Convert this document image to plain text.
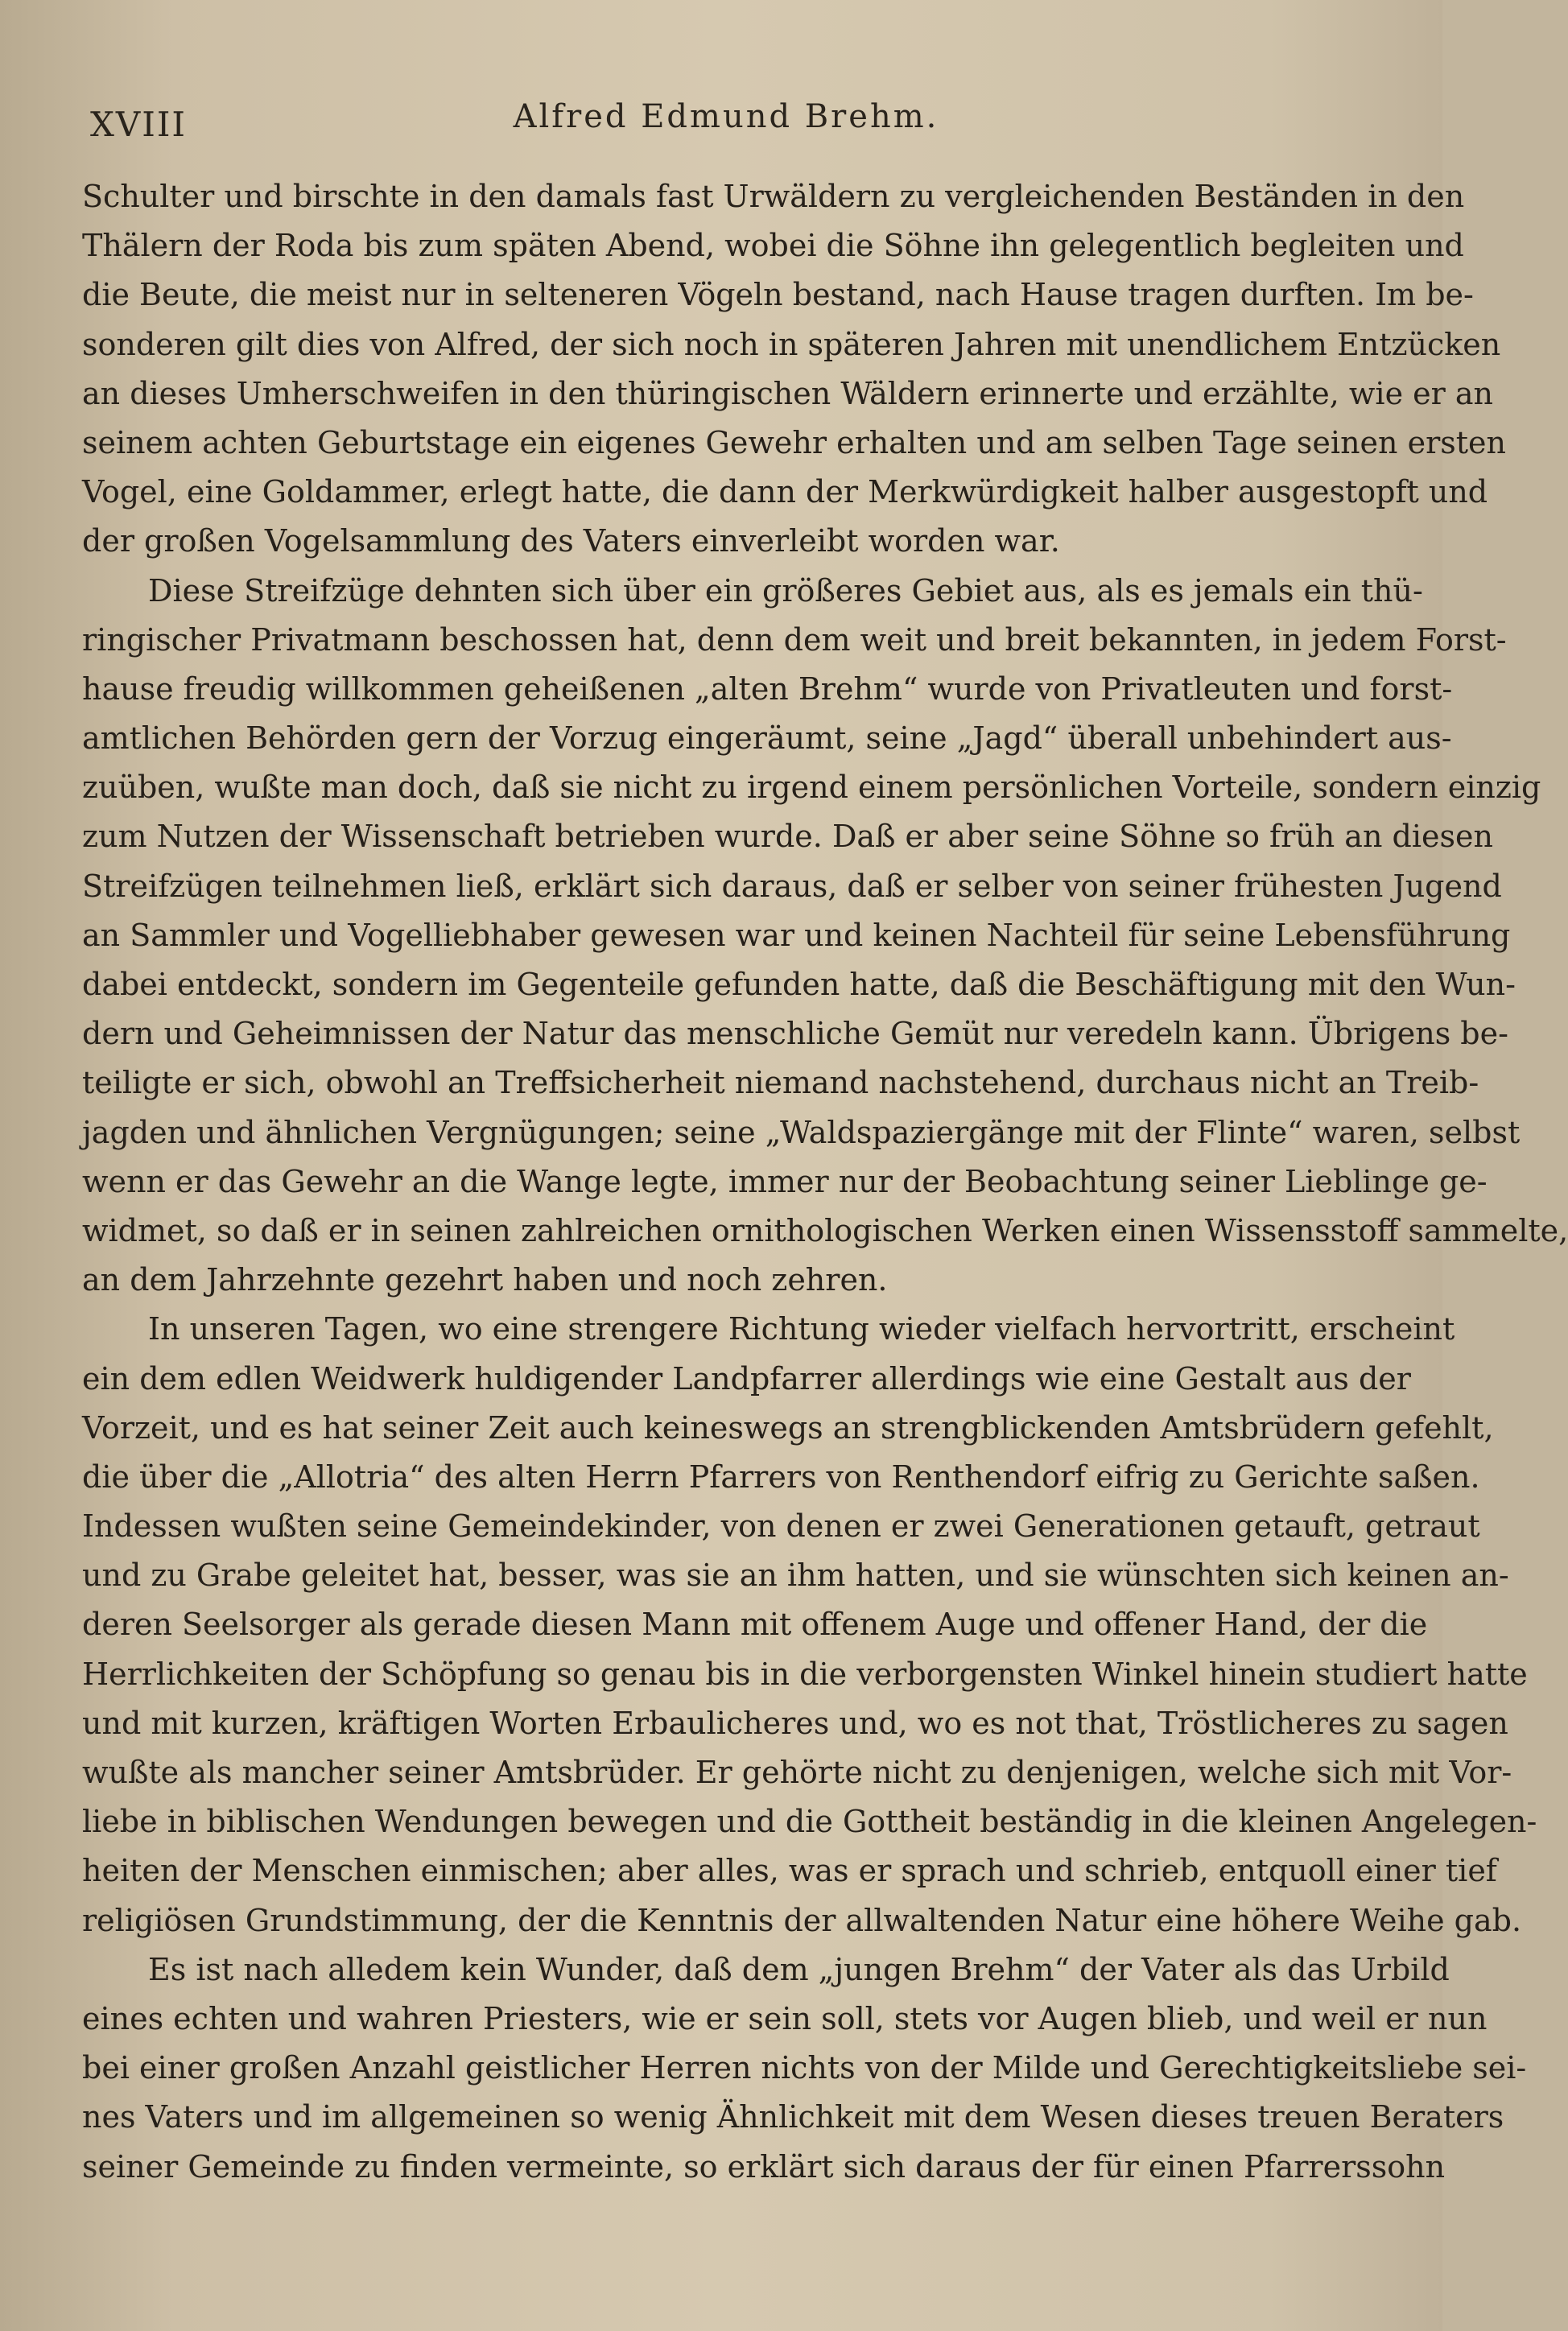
XVIII	Alfred Edmund Brehm.
Schulter und birschte in den damals fast Urwäldern zu vergleichenden Beständen in den
Thälern der Roda bis zum späten Abend, wobei die Söhne ihn gelegentlich begleiten und
die Beute, die meist nur in selteneren Vögeln bestand, nach Hause tragen durften. Im be-
sonderen gilt dies von Alfred, der sich noch in späteren Jahren mit unendlichem Entzücken
an dieses Umherschweifen in den thüringischen Wäldern erinnerte und erzählte, wie er an
seinem achten Geburtstage ein eigenes Gewehr erhalten und am selben Tage seinen ersten
Vogel, eine Goldammer, erlegt hatte, die dann der Merkwürdigkeit halber ausgestopft und
der großen Vogelsammlung des Vaters einverleibt worden war.
Diese Streifzüge dehnten sich über ein größeres Gebiet aus, als es jemals ein thü-
ringischer Privatmann beschossen hat, denn dem weit und breit bekannten, in jedem Forst-
hause freudig willkommen geheißenen „alten Brehm“ wurde von Privatleuten und forst-
amtlichen Behörden gern der Vorzug eingeräumt, seine „Jagd“ überall unbehindert aus-
zuüben, wußte man doch, daß sie nicht zu irgend einem persönlichen Vorteile, sondern einzig
zum Nutzen der Wissenschaft betrieben wurde. Daß er aber seine Söhne so früh an diesen
Streifzügen teilnehmen ließ, erklärt sich daraus, daß er selber von seiner frühesten Jugend
an Sammler und Vogelliebhaber gewesen war und keinen Nachteil für seine Lebensführung
dabei entdeckt, sondern im Gegenteile gefunden hatte, daß die Beschäftigung mit den Wun-
dern und Geheimnissen der Natur das menschliche Gemüt nur veredeln kann. Übrigens be-
teiligte er sich, obwohl an Treffsicherheit niemand nachstehend, durchaus nicht an Treib-
jagden und ähnlichen Vergnügungen; seine „Waldspaziergänge mit der Flinte“ waren, selbst
wenn er das Gewehr an die Wange legte, immer nur der Beobachtung seiner Lieblinge ge-
widmet, so daß er in seinen zahlreichen ornithologischen Werken einen Wissensstoff sammelte,
an dem Jahrzehnte gezehrt haben und noch zehren.
In unseren Tagen, wo eine strengere Richtung wieder vielfach hervortritt, erscheint
ein dem edlen Weidwerk huldigender Landpfarrer allerdings wie eine Gestalt aus der
Vorzeit, und es hat seiner Zeit auch keineswegs an strengblickenden Amtsbrüdern gefehlt,
die über die „Allotria“ des alten Herrn Pfarrers von Renthendorf eifrig zu Gerichte saßen.
Indessen wußten seine Gemeindekinder, von denen er zwei Generationen getauft, getraut
und zu Grabe geleitet hat, besser, was sie an ihm hatten, und sie wünschten sich keinen an-
deren Seelsorger als gerade diesen Mann mit offenem Auge und offener Hand, der die
Herrlichkeiten der Schöpfung so genau bis in die verborgensten Winkel hinein studiert hatte
und mit kurzen, kräftigen Worten Erbaulicheres und, wo es not that, Tröstlicheres zu sagen
wußte als mancher seiner Amtsbrüder. Er gehörte nicht zu denjenigen, welche sich mit Vor-
liebe in biblischen Wendungen bewegen und die Gottheit beständig in die kleinen Angelegen-
heiten der Menschen einmischen; aber alles, was er sprach und schrieb, entquoll einer tief
religiösen Grundstimmung, der die Kenntnis der allwaltenden Natur eine höhere Weihe gab.
Es ist nach alledem kein Wunder, daß dem „jungen Brehm“ der Vater als das Urbild
eines echten und wahren Priesters, wie er sein soll, stets vor Augen blieb, und weil er nun
bei einer großen Anzahl geistlicher Herren nichts von der Milde und Gerechtigkeitsliebe sei-
nes Vaters und im allgemeinen so wenig Ähnlichkeit mit dem Wesen dieses treuen Beraters
seiner Gemeinde zu finden vermeinte, so erklärt sich daraus der für einen Pfarrerssohn
